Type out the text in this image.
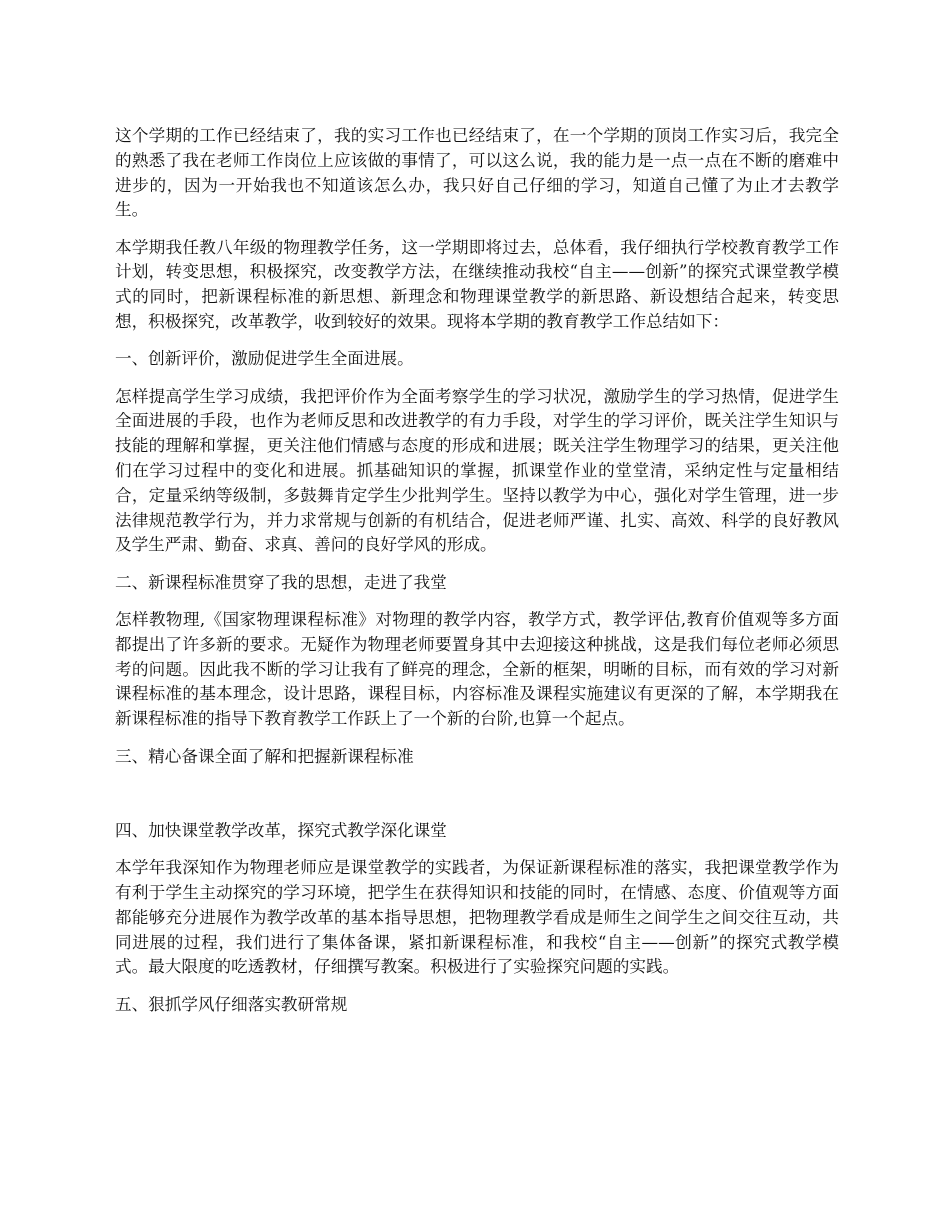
这个学期的工作已经结束了，我的实习工作也已经结束了，在一个学期的顶岗工作实习后，我完全的熟悉了我在老师工作岗位上应该做的事情了，可以这么说，我的能力是一点一点在不断的磨难中进步的，因为一开始我也不知道该怎么办，我只好自己仔细的学习，知道自己懂了为止才去教学生。

本学期我任教八年级的物理教学任务，这一学期即将过去，总体看，我仔细执行学校教育教学工作计划，转变思想，积极探究，改变教学方法，在继续推动我校“自主——创新”的探究式课堂教学模式的同时，把新课程标准的新思想、新理念和物理课堂教学的新思路、新设想结合起来，转变思想，积极探究，改革教学，收到较好的效果。现将本学期的教育教学工作总结如下：

一、创新评价，激励促进学生全面进展。

怎样提高学生学习成绩，我把评价作为全面考察学生的学习状况，激励学生的学习热情，促进学生全面进展的手段，也作为老师反思和改进教学的有力手段，对学生的学习评价，既关注学生知识与技能的理解和掌握，更关注他们情感与态度的形成和进展；既关注学生物理学习的结果，更关注他们在学习过程中的变化和进展。抓基础知识的掌握，抓课堂作业的堂堂清，采纳定性与定量相结合，定量采纳等级制，多鼓舞肯定学生少批判学生。坚持以教学为中心，强化对学生管理，进一步法律规范教学行为，并力求常规与创新的有机结合，促进老师严谨、扎实、高效、科学的良好教风及学生严肃、勤奋、求真、善问的良好学风的形成。

二、新课程标准贯穿了我的思想，走进了我堂

怎样教物理,《国家物理课程标准》对物理的教学内容，教学方式，教学评估,教育价值观等多方面都提出了许多新的要求。无疑作为物理老师要置身其中去迎接这种挑战，这是我们每位老师必须思考的问题。因此我不断的学习让我有了鲜亮的理念，全新的框架，明晰的目标，而有效的学习对新课程标准的基本理念，设计思路，课程目标，内容标准及课程实施建议有更深的了解，本学期我在新课程标准的指导下教育教学工作跃上了一个新的台阶,也算一个起点。

三、精心备课全面了解和把握新课程标准

四、加快课堂教学改革，探究式教学深化课堂

本学年我深知作为物理老师应是课堂教学的实践者，为保证新课程标准的落实，我把课堂教学作为有利于学生主动探究的学习环境，把学生在获得知识和技能的同时，在情感、态度、价值观等方面都能够充分进展作为教学改革的基本指导思想，把物理教学看成是师生之间学生之间交往互动，共同进展的过程，我们进行了集体备课，紧扣新课程标准，和我校“自主——创新”的探究式教学模式。最大限度的吃透教材，仔细撰写教案。积极进行了实验探究问题的实践。

五、狠抓学风仔细落实教研常规
